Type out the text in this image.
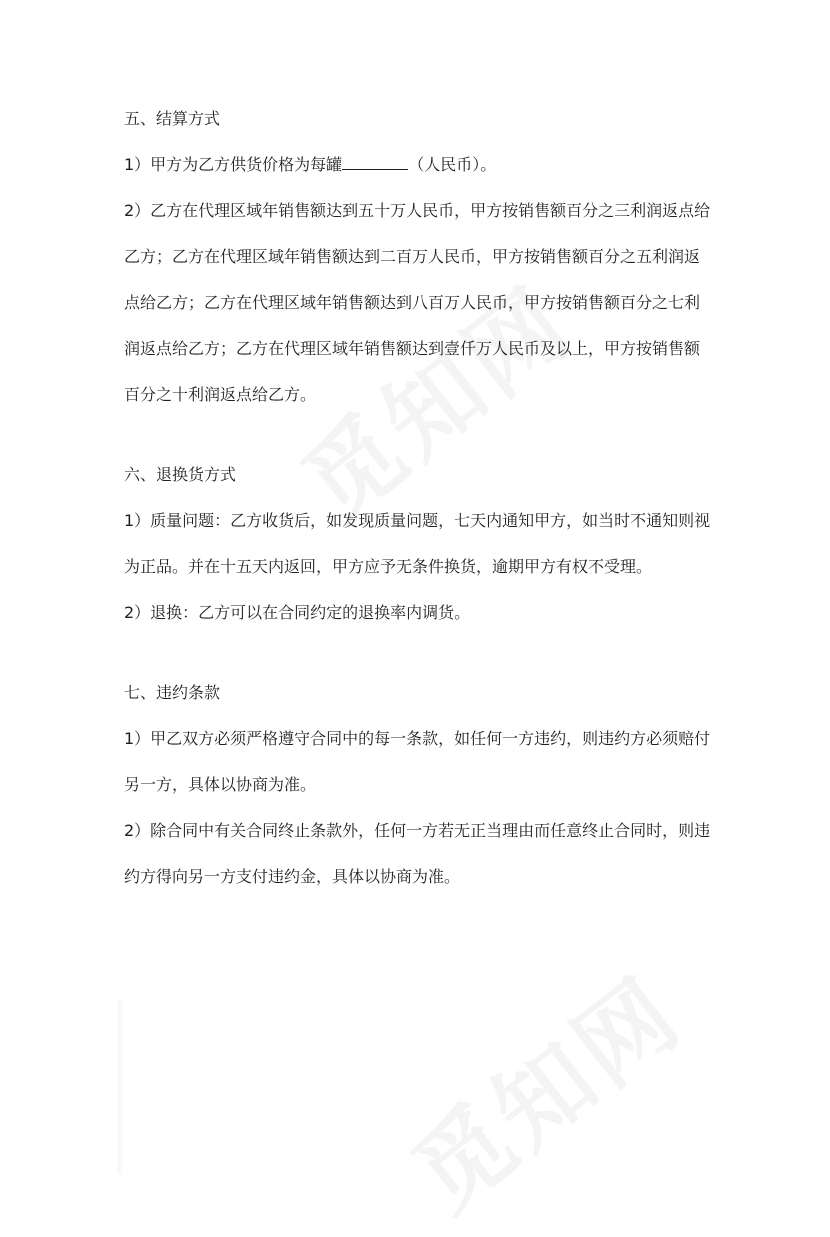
五、结算方式

1）甲方为乙方供货价格为每罐	（人民币）。

2）乙方在代理区域年销售额达到五十万人民币，甲方按销售额百分之三利润返点给乙方；乙方在代理区域年销售额达到二百万人民币，甲方按销售额百分之五利润返点给乙方；乙方在代理区域年销售额达到八百万人民币，甲方按销售额百分之七利润返点给乙方；乙方在代理区域年销售额达到壹仟万人民币及以上，甲方按销售额百分之十利润返点给乙方。

六、退换货方式

1）质量问题：乙方收货后，如发现质量问题，七天内通知甲方，如当时不通知则视为正品。并在十五天内返回，甲方应予无条件换货，逾期甲方有权不受理。

2）退换：乙方可以在合同约定的退换率内调货。

七、违约条款

1）甲乙双方必须严格遵守合同中的每一条款，如任何一方违约，则违约方必须赔付另一方，具体以协商为准。

2）除合同中有关合同终止条款外，任何一方若无正当理由而任意终止合同时，则违约方得向另一方支付违约金，具体以协商为准。
